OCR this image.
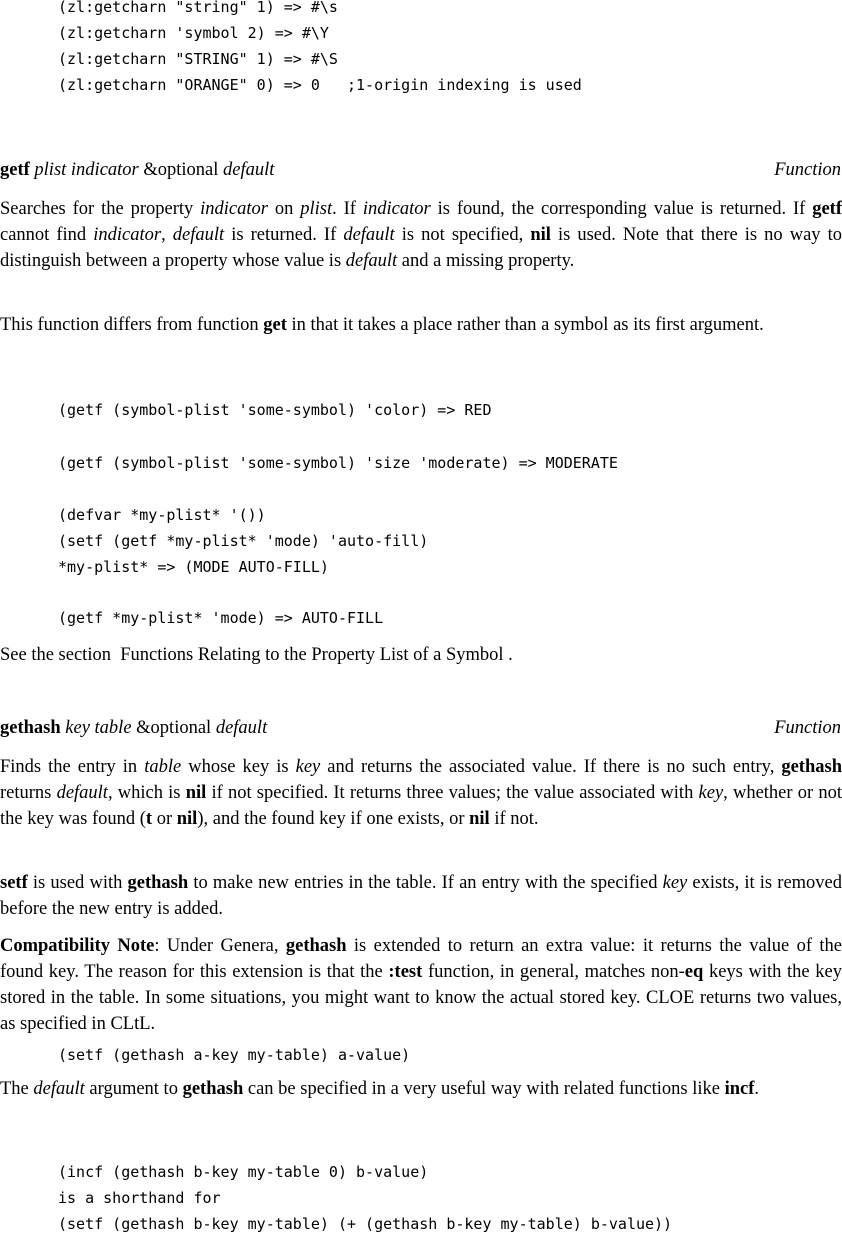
(zl:getcharn "string" 1) => #\s
(zl:getcharn 'symbol 2) => #\Y
(zl:getcharn "STRING" 1) => #\S
(zl:getcharn "ORANGE" 0) => 0   ;1-origin indexing is used
getf plist indicator &optional default	Function

Searches for the property indicator on plist. If indicator is found, the corresponding value is returned. If getf cannot find indicator, default is returned. If default is not specified, nil is used. Note that there is no way to distinguish between a property whose value is default and a missing property.

This function differs from function get in that it takes a place rather than a symbol as its first argument.

(getf (symbol-plist 'some-symbol) 'color) => RED
(getf (symbol-plist 'some-symbol) 'size 'moderate) => MODERATE
(defvar *my-plist* '())
(setf (getf *my-plist* 'mode) 'auto-fill)
*my-plist* => (MODE AUTO-FILL)
(getf *my-plist* 'mode) => AUTO-FILL

See the section  Functions Relating to the Property List of a Symbol .

gethash key table &optional default	Function

Finds the entry in table whose key is key and returns the associated value. If there is no such entry, gethash returns default, which is nil if not specified. It returns three values; the value associated with key, whether or not the key was found (t or nil), and the found key if one exists, or nil if not.

setf is used with gethash to make new entries in the table. If an entry with the specified key exists, it is removed before the new entry is added.

Compatibility Note: Under Genera, gethash is extended to return an extra value: it returns the value of the found key. The reason for this extension is that the :test function, in general, matches non-eq keys with the key stored in the table. In some situations, you might want to know the actual stored key. CLOE returns two values, as specified in CLtL.

(setf (gethash a-key my-table) a-value)

The default argument to gethash can be specified in a very useful way with related functions like incf.

(incf (gethash b-key my-table 0) b-value)
is a shorthand for
(setf (gethash b-key my-table) (+ (gethash b-key my-table) b-value))
